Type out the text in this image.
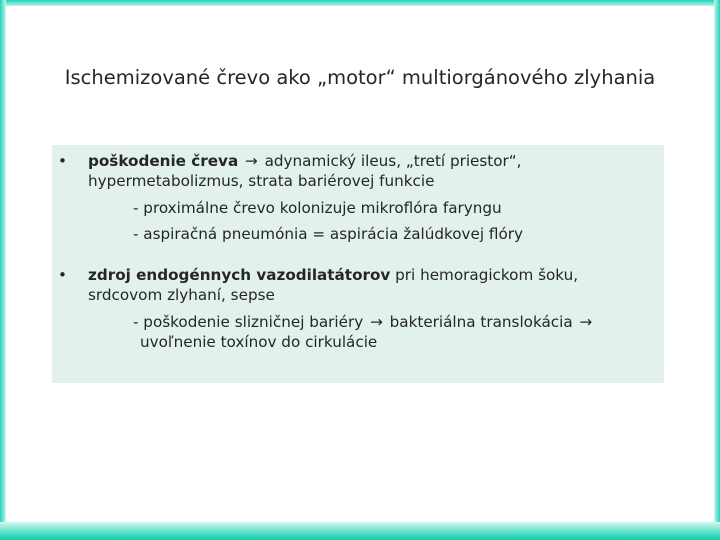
Ischemizované črevo ako „motor“ multiorgánového zlyhania
•	poškodenie čreva → adynamický ileus, „tretí priestor“,
hypermetabolizmus, strata bariérovej funkcie
- proximálne črevo kolonizuje mikroflóra faryngu
- aspiračná pneumónia = aspirácia žalúdkovej flóry
•	zdroj endogénnych vazodilatátorov pri hemoragickom šoku,
srdcovom zlyhaní, sepse
- poškodenie slizničnej bariéry → bakteriálna translokácia →
uvoľnenie toxínov do cirkulácie
